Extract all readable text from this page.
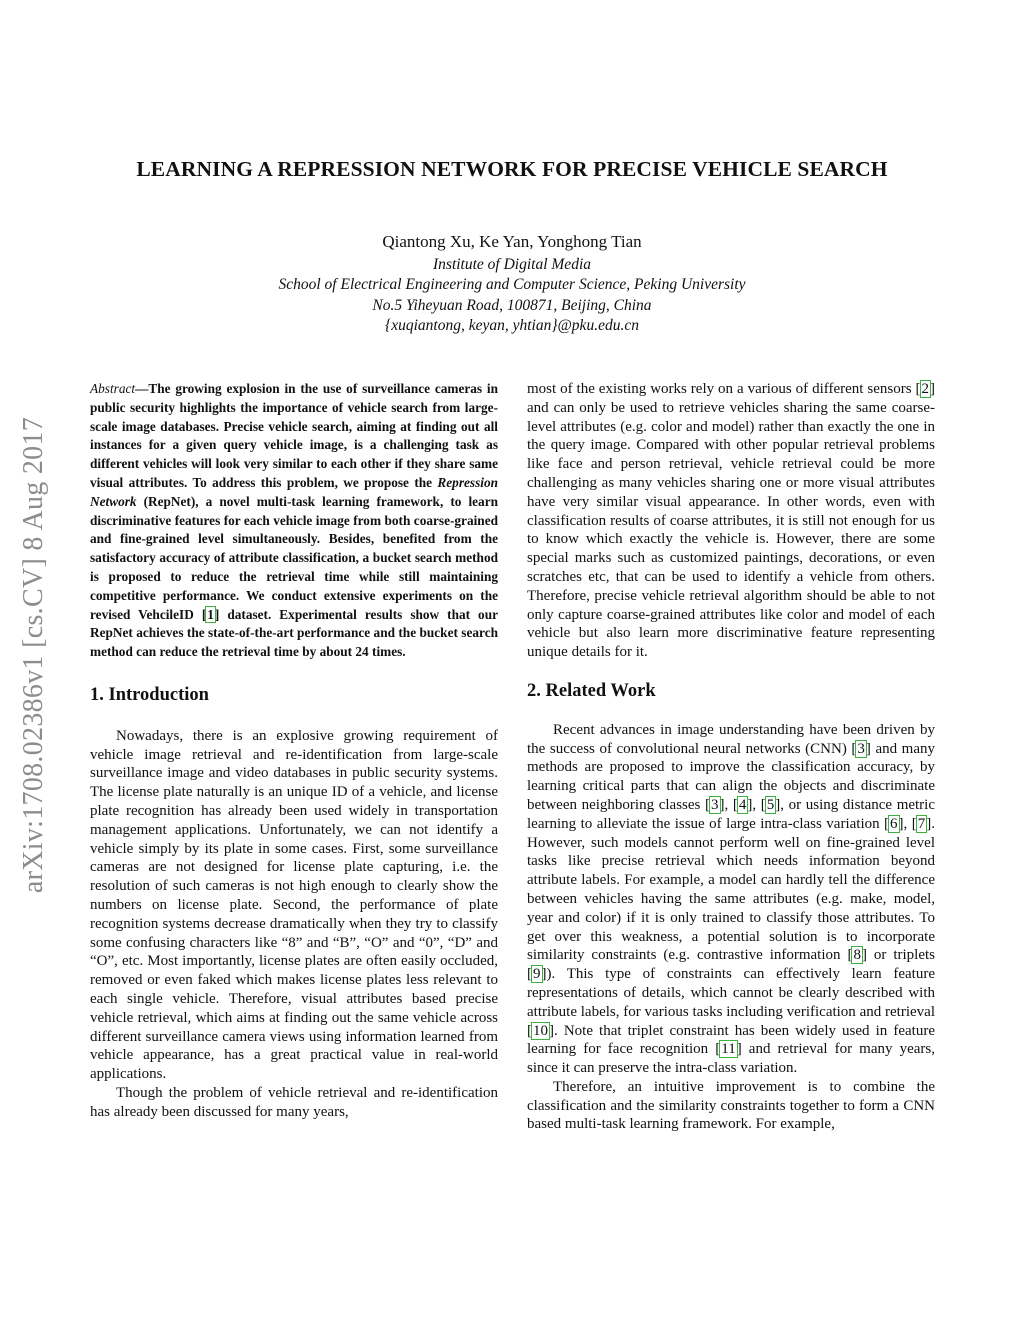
arXiv:1708.02386v1 [cs.CV] 8 Aug 2017
LEARNING A REPRESSION NETWORK FOR PRECISE VEHICLE SEARCH
Qiantong Xu, Ke Yan, Yonghong Tian
Institute of Digital Media
School of Electrical Engineering and Computer Science, Peking University
No.5 Yiheyuan Road, 100871, Beijing, China
{xuqiantong, keyan, yhtian}@pku.edu.cn

Abstract—The growing explosion in the use of surveillance cameras in public security highlights the importance of vehicle search from large-scale image databases. Precise vehicle search, aiming at finding out all instances for a given query vehicle image, is a challenging task as different vehicles will look very similar to each other if they share same visual attributes. To address this problem, we propose the Repression Network (RepNet), a novel multi-task learning framework, to learn discriminative features for each vehicle image from both coarse-grained and fine-grained level simultaneously. Besides, benefited from the satisfactory accuracy of attribute classification, a bucket search method is proposed to reduce the retrieval time while still maintaining competitive performance. We conduct extensive experiments on the revised VehcileID [1] dataset. Experimental results show that our RepNet achieves the state-of-the-art performance and the bucket search method can reduce the retrieval time by about 24 times.

1. Introduction

Nowadays, there is an explosive growing requirement of vehicle image retrieval and re-identification from large-scale surveillance image and video databases in public security systems. The license plate naturally is an unique ID of a vehicle, and license plate recognition has already been used widely in transportation management applications. Unfortunately, we can not identify a vehicle simply by its plate in some cases. First, some surveillance cameras are not designed for license plate capturing, i.e. the resolution of such cameras is not high enough to clearly show the numbers on license plate. Second, the performance of plate recognition systems decrease dramatically when they try to classify some confusing characters like “8” and “B”, “O” and “0”, “D” and “O”, etc. Most importantly, license plates are often easily occluded, removed or even faked which makes license plates less relevant to each single vehicle. Therefore, visual attributes based precise vehicle retrieval, which aims at finding out the same vehicle across different surveillance camera views using information learned from vehicle appearance, has a great practical value in real-world applications.

Though the problem of vehicle retrieval and re-identification has already been discussed for many years,

most of the existing works rely on a various of different sensors [2] and can only be used to retrieve vehicles sharing the same coarse-level attributes (e.g. color and model) rather than exactly the one in the query image. Compared with other popular retrieval problems like face and person retrieval, vehicle retrieval could be more challenging as many vehicles sharing one or more visual attributes have very similar visual appearance. In other words, even with classification results of coarse attributes, it is still not enough for us to know which exactly the vehicle is. However, there are some special marks such as customized paintings, decorations, or even scratches etc, that can be used to identify a vehicle from others. Therefore, precise vehicle retrieval algorithm should be able to not only capture coarse-grained attributes like color and model of each vehicle but also learn more discriminative feature representing unique details for it.

2. Related Work

Recent advances in image understanding have been driven by the success of convolutional neural networks (CNN) [3] and many methods are proposed to improve the classification accuracy, by learning critical parts that can align the objects and discriminate between neighboring classes [3], [4], [5], or using distance metric learning to alleviate the issue of large intra-class variation [6], [7]. However, such models cannot perform well on fine-grained level tasks like precise retrieval which needs information beyond attribute labels. For example, a model can hardly tell the difference between vehicles having the same attributes (e.g. make, model, year and color) if it is only trained to classify those attributes. To get over this weakness, a potential solution is to incorporate similarity constraints (e.g. contrastive information [8] or triplets [9]). This type of constraints can effectively learn feature representations of details, which cannot be clearly described with attribute labels, for various tasks including verification and retrieval [10]. Note that triplet constraint has been widely used in feature learning for face recognition [11] and retrieval for many years, since it can preserve the intra-class variation.

Therefore, an intuitive improvement is to combine the classification and the similarity constraints together to form a CNN based multi-task learning framework. For example,
